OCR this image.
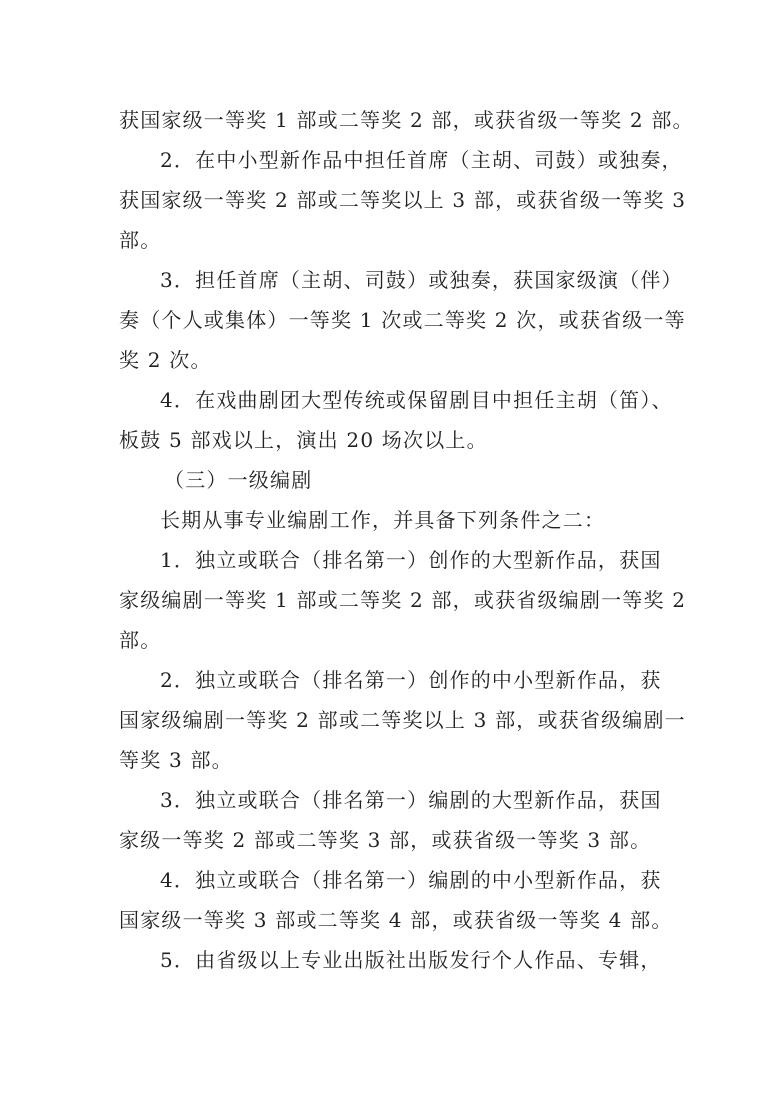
获国家级一等奖 1 部或二等奖 2 部，或获省级一等奖 2 部。
2．在中小型新作品中担任首席（主胡、司鼓）或独奏，
获国家级一等奖 2 部或二等奖以上 3 部，或获省级一等奖 3
部。
3．担任首席（主胡、司鼓）或独奏，获国家级演（伴）
奏（个人或集体）一等奖 1 次或二等奖 2 次，或获省级一等
奖 2 次。
4．在戏曲剧团大型传统或保留剧目中担任主胡（笛）、
板鼓 5 部戏以上，演出 20 场次以上。
（三）一级编剧
长期从事专业编剧工作，并具备下列条件之二：
1．独立或联合（排名第一）创作的大型新作品，获国
家级编剧一等奖 1 部或二等奖 2 部，或获省级编剧一等奖 2
部。
2．独立或联合（排名第一）创作的中小型新作品，获
国家级编剧一等奖 2 部或二等奖以上 3 部，或获省级编剧一
等奖 3 部。
3．独立或联合（排名第一）编剧的大型新作品，获国
家级一等奖 2 部或二等奖 3 部，或获省级一等奖 3 部。
4．独立或联合（排名第一）编剧的中小型新作品，获
国家级一等奖 3 部或二等奖 4 部，或获省级一等奖 4 部。
5．由省级以上专业出版社出版发行个人作品、专辑，
